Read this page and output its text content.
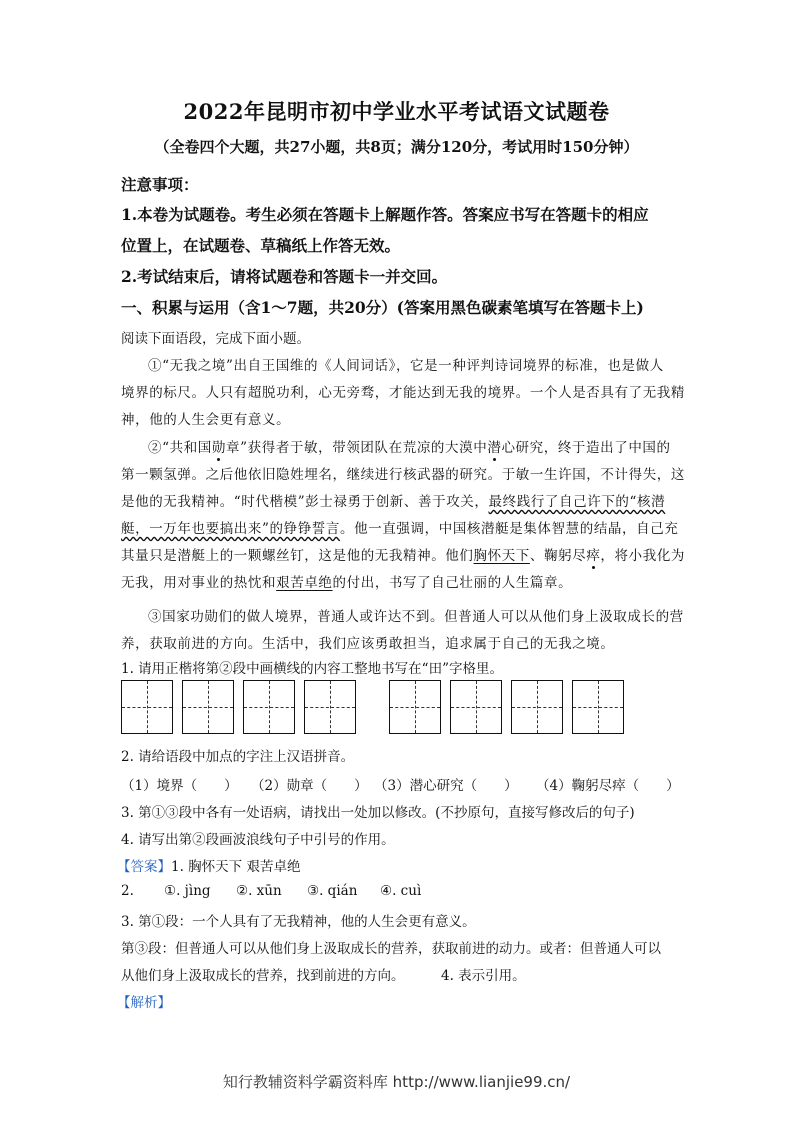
2022年昆明市初中学业水平考试语文试题卷
（全卷四个大题，共27小题，共8页；满分120分，考试用时150分钟）
注意事项：
1.本卷为试题卷。考生必须在答题卡上解题作答。答案应书写在答题卡的相应
位置上，在试题卷、草稿纸上作答无效。
2.考试结束后，请将试题卷和答题卡一并交回。
一、积累与运用（含1～7题，共20分）(答案用黑色碳素笔填写在答题卡上)
阅读下面语段，完成下面小题。
①“无我之境”出自王国维的《人间词话》，它是一种评判诗词境界的标准，也是做人
境界的标尺。人只有超脱功利，心无旁骛，才能达到无我的境界。一个人是否具有了无我精
神，他的人生会更有意义。
②“共和国勋章”获得者于敏，带领团队在荒凉的大漠中潜心研究，终于造出了中国的
第一颗氢弹。之后他依旧隐姓埋名，继续进行核武器的研究。于敏一生许国，不计得失，这
是他的无我精神。“时代楷模”彭士禄勇于创新、善于攻关，最终践行了自己许下的“核潜
艇，一万年也要搞出来”的铮铮誓言。他一直强调，中国核潜艇是集体智慧的结晶，自己充
其量只是潜艇上的一颗螺丝钉，这是他的无我精神。他们胸怀天下、鞠躬尽瘁，将小我化为
无我，用对事业的热忱和艰苦卓绝的付出，书写了自己壮丽的人生篇章。
③国家功勋们的做人境界，普通人或许达不到。但普通人可以从他们身上汲取成长的营
养，获取前进的方向。生活中，我们应该勇敢担当，追求属于自己的无我之境。
1. 请用正楷将第②段中画横线的内容工整地书写在“田”字格里。
2. 请给语段中加点的字注上汉语拼音。
（1）境界（　　） （2）勋章（　　） （3）潜心研究（　　） （4）鞠躬尽瘁（　　）
3. 第①③段中各有一处语病，请找出一处加以修改。(不抄原句，直接写修改后的句子)
4. 请写出第②段画波浪线句子中引号的作用。
【答案】1. 胸怀天下 艰苦卓绝
2. ①. jìng ②. xūn ③. qián ④. cuì
3. 第①段：一个人具有了无我精神，他的人生会更有意义。
第③段：但普通人可以从他们身上汲取成长的营养，获取前进的动力。或者：但普通人可以
从他们身上汲取成长的营养，找到前进的方向。	4. 表示引用。
【解析】
知行教辅资料学霸资料库 http://www.lianjie99.cn/
